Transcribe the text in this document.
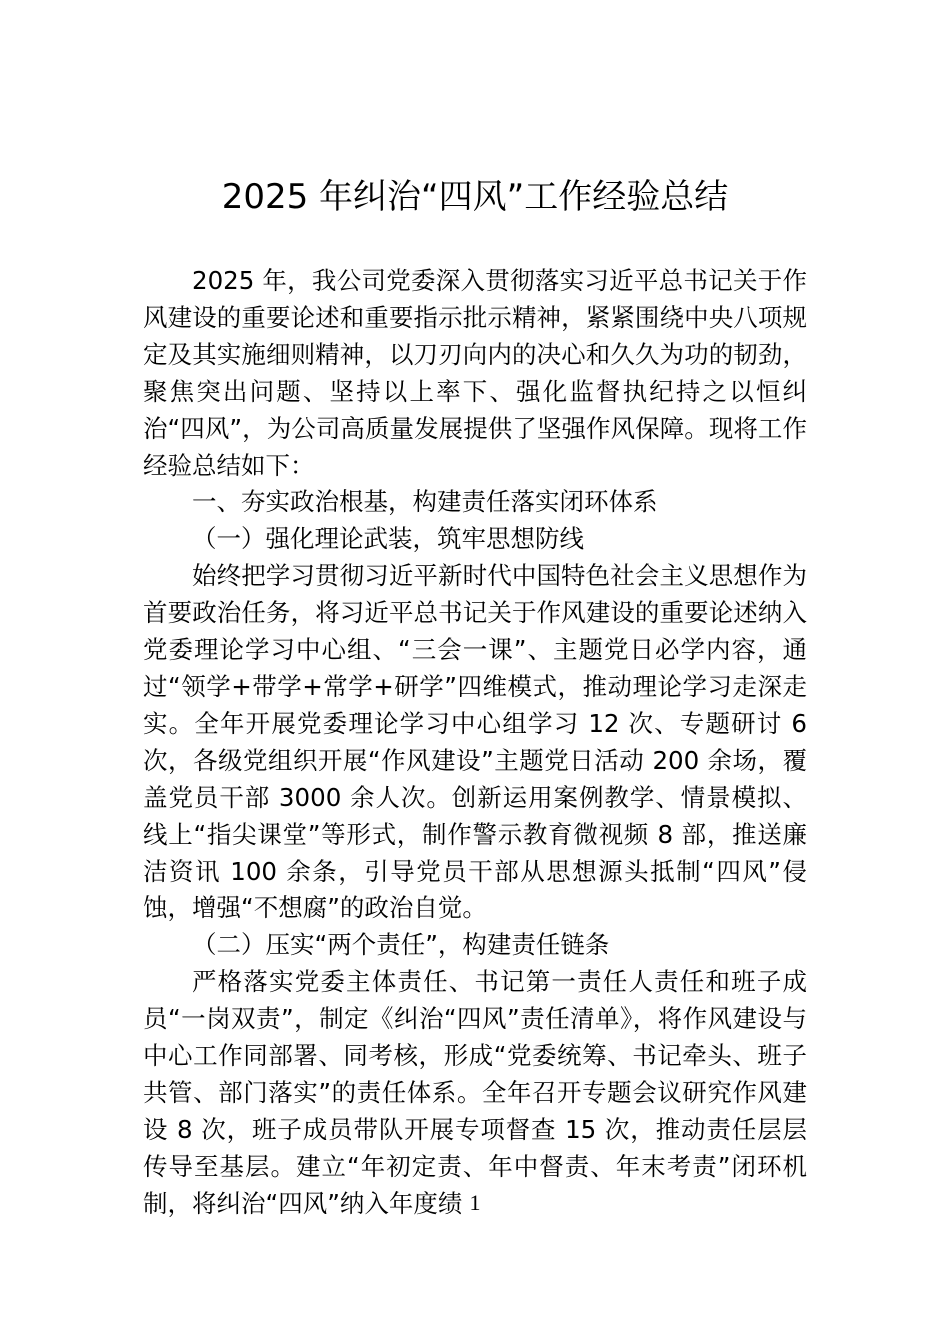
2025 年纠治“四风”工作经验总结

2025 年，我公司党委深入贯彻落实习近平总书记关于作风建设的重要论述和重要指示批示精神，紧紧围绕中央八项规定及其实施细则精神，以刀刃向内的决心和久久为功的韧劲，聚焦突出问题、坚持以上率下、强化监督执纪持之以恒纠治“四风”，为公司高质量发展提供了坚强作风保障。现将工作经验总结如下：

一、夯实政治根基，构建责任落实闭环体系

（一）强化理论武装，筑牢思想防线

始终把学习贯彻习近平新时代中国特色社会主义思想作为首要政治任务，将习近平总书记关于作风建设的重要论述纳入党委理论学习中心组、“三会一课”、主题党日必学内容，通过“领学+带学+常学+研学”四维模式，推动理论学习走深走实。全年开展党委理论学习中心组学习 12 次、专题研讨 6 次，各级党组织开展“作风建设”主题党日活动 200 余场，覆盖党员干部 3000 余人次。创新运用案例教学、情景模拟、线上“指尖课堂”等形式，制作警示教育微视频 8 部，推送廉洁资讯 100 余条，引导党员干部从思想源头抵制“四风”侵蚀，增强“不想腐”的政治自觉。

（二）压实“两个责任”，构建责任链条

严格落实党委主体责任、书记第一责任人责任和班子成员“一岗双责”，制定《纠治“四风”责任清单》，将作风建设与中心工作同部署、同考核，形成“党委统筹、书记牵头、班子共管、部门落实”的责任体系。全年召开专题会议研究作风建设 8 次，班子成员带队开展专项督查 15 次，推动责任层层传导至基层。建立“年初定责、年中督责、年末考责”闭环机制，将纠治“四风”纳入年度绩 1
